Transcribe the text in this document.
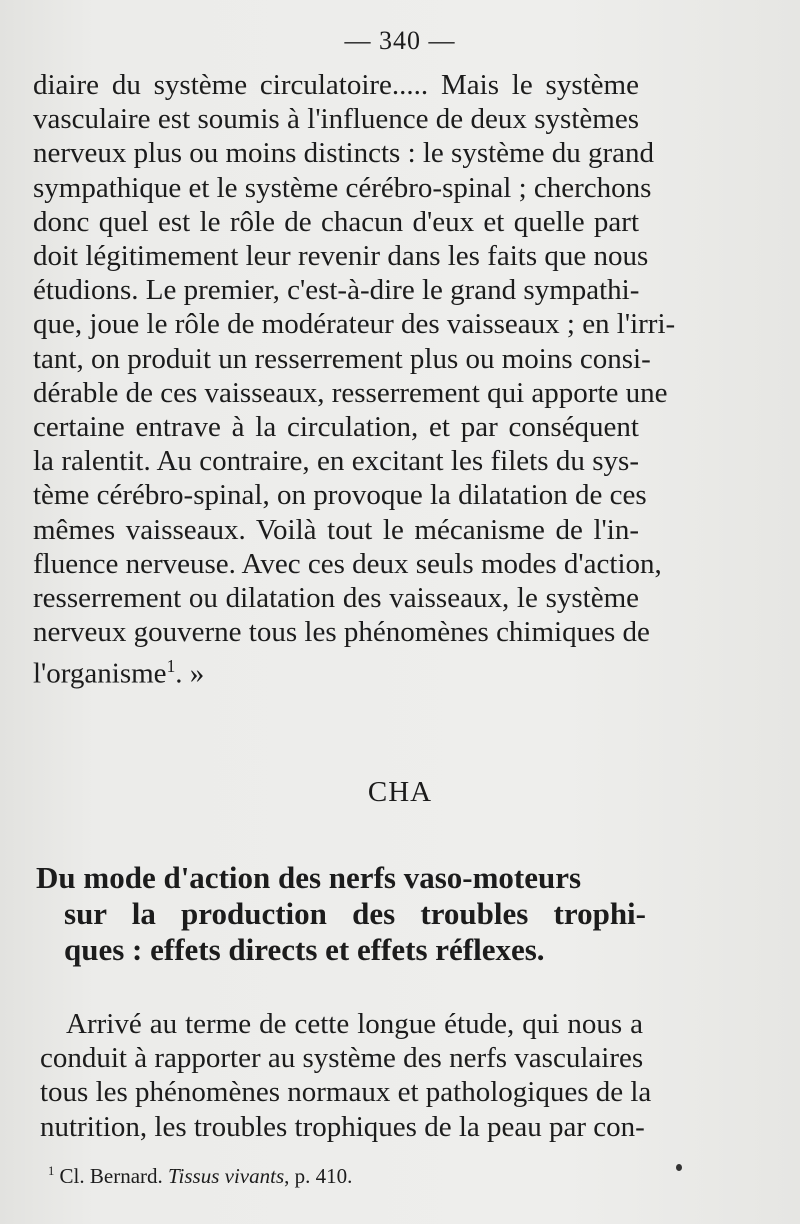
— 340 —
diaire du système circulatoire..... Mais le système
vasculaire est soumis à l'influence de deux systèmes
nerveux plus ou moins distincts : le système du grand
sympathique et le système cérébro-spinal ; cherchons
donc quel est le rôle de chacun d'eux et quelle part
doit légitimement leur revenir dans les faits que nous
étudions. Le premier, c'est-à-dire le grand sympathi-
que, joue le rôle de modérateur des vaisseaux ; en l'irri-
tant, on produit un resserrement plus ou moins consi-
dérable de ces vaisseaux, resserrement qui apporte une
certaine entrave à la circulation, et par conséquent
la ralentit. Au contraire, en excitant les filets du sys-
tème cérébro-spinal, on provoque la dilatation de ces
mêmes vaisseaux. Voilà tout le mécanisme de l'in-
fluence nerveuse. Avec ces deux seuls modes d'action,
resserrement ou dilatation des vaisseaux, le système
nerveux gouverne tous les phénomènes chimiques de
l'organisme$^1$. »
CHA
Du mode d'action des nerfs vaso-moteurs
sur la production des troubles trophi-
ques : effets directs et effets réflexes.
Arrivé au terme de cette longue étude, qui nous a
conduit à rapporter au système des nerfs vasculaires
tous les phénomènes normaux et pathologiques de la
nutrition, les troubles trophiques de la peau par con-
$^1$ Cl. Bernard. Tissus vivants, p. 410.
